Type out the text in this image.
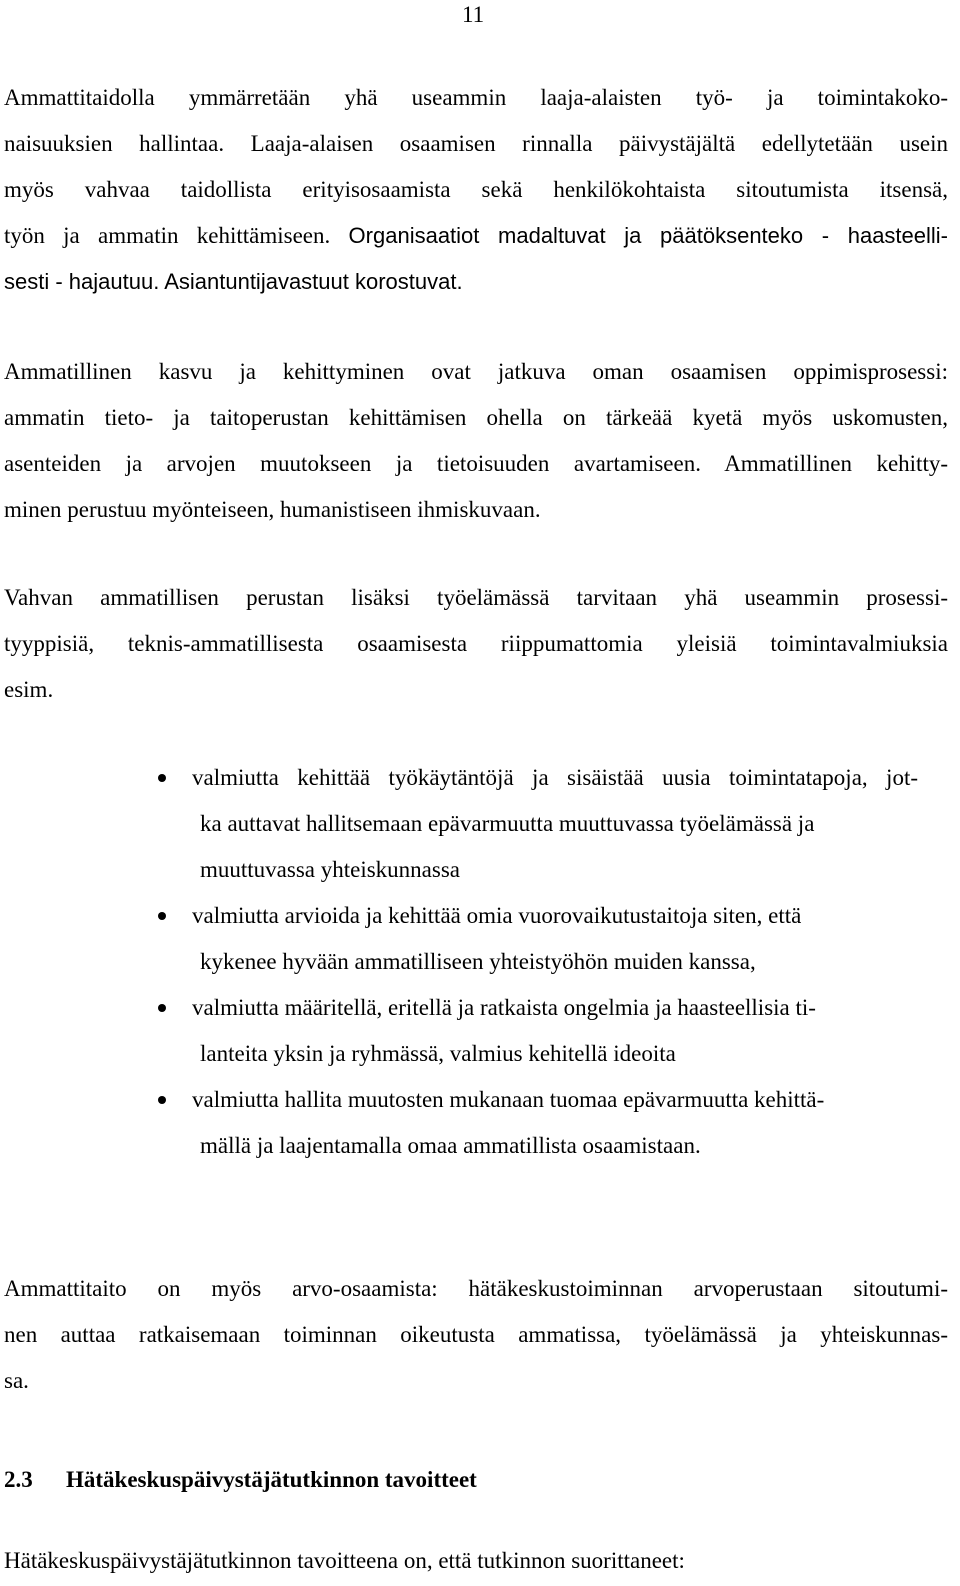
11
Ammattitaidolla ymmärretään yhä useammin laaja-alaisten työ- ja toimintakoko-
naisuuksien hallintaa. Laaja-alaisen osaamisen rinnalla päivystäjältä edellytetään usein
myös vahvaa taidollista erityisosaamista sekä henkilökohtaista sitoutumista itsensä,
työn ja ammatin kehittämiseen. Organisaatiot madaltuvat ja päätöksenteko - haasteelli-
sesti - hajautuu. Asiantuntijavastuut korostuvat.
Ammatillinen kasvu ja kehittyminen ovat jatkuva oman osaamisen oppimisprosessi:
ammatin tieto- ja taitoperustan kehittämisen ohella on tärkeää kyetä myös uskomusten,
asenteiden ja arvojen muutokseen ja tietoisuuden avartamiseen. Ammatillinen kehitty-
minen perustuu myönteiseen, humanistiseen ihmiskuvaan.
Vahvan ammatillisen perustan lisäksi työelämässä tarvitaan yhä useammin prosessi-
tyyppisiä, teknis-ammatillisesta osaamisesta riippumattomia yleisiä toimintavalmiuksia
esim.
valmiutta kehittää työkäytäntöjä ja sisäistää uusia toimintatapoja, jot-
ka auttavat hallitsemaan epävarmuutta muuttuvassa työelämässä ja
muuttuvassa yhteiskunnassa
valmiutta arvioida ja kehittää omia vuorovaikutustaitoja siten, että
kykenee hyvään ammatilliseen yhteistyöhön muiden kanssa,
valmiutta määritellä, eritellä ja ratkaista ongelmia ja haasteellisia ti-
lanteita yksin ja ryhmässä, valmius kehitellä ideoita
valmiutta hallita muutosten mukanaan tuomaa epävarmuutta kehittä-
mällä ja laajentamalla omaa ammatillista osaamistaan.
Ammattitaito on myös arvo-osaamista: hätäkeskustoiminnan arvoperustaan sitoutumi-
nen auttaa ratkaisemaan toiminnan oikeutusta ammatissa, työelämässä ja yhteiskunnas-
sa.
2.3 Hätäkeskuspäivystäjätutkinnon tavoitteet
Hätäkeskuspäivystäjätutkinnon tavoitteena on, että tutkinnon suorittaneet:
